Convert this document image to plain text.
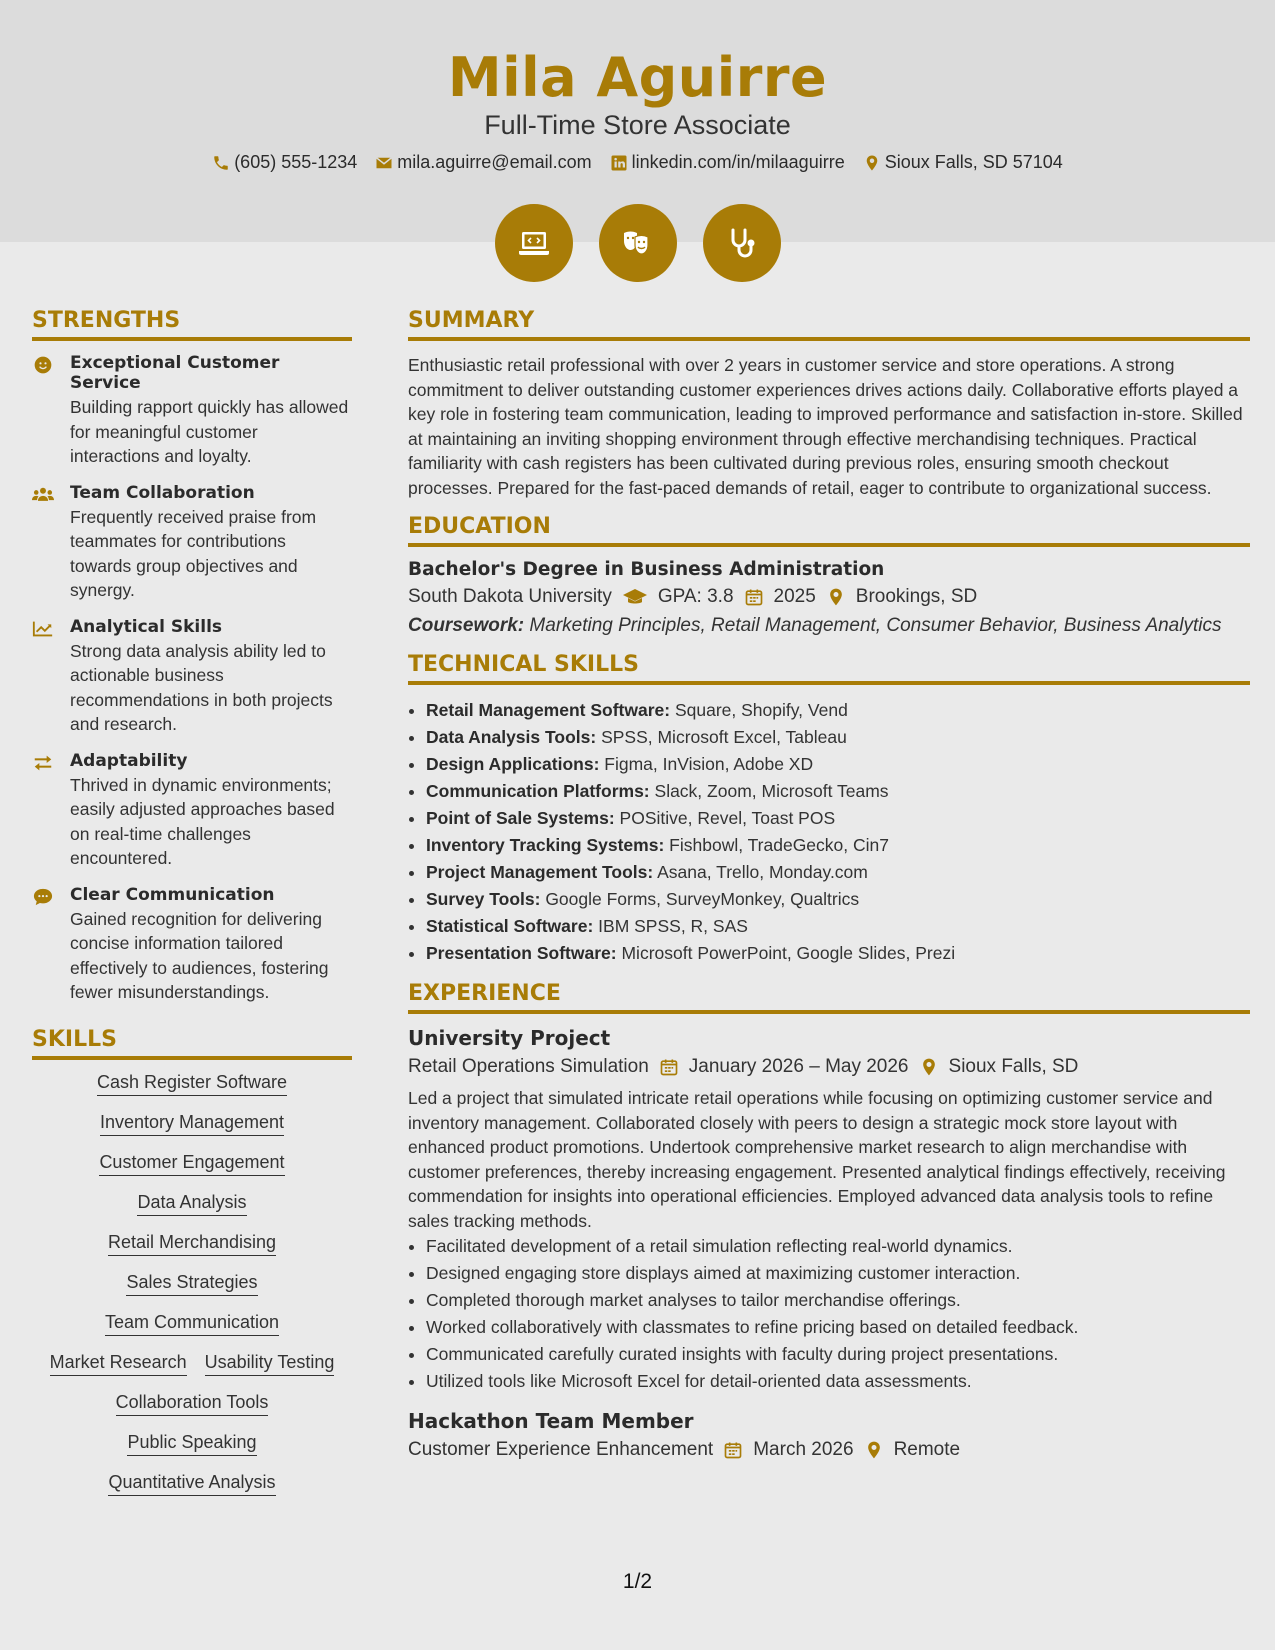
Mila Aguirre
Full-Time Store Associate
(605) 555-1234 mila.aguirre@email.com linkedin.com/in/milaaguirre Sioux Falls, SD 57104
STRENGTHS
Exceptional Customer Service
Building rapport quickly has allowed for meaningful customer interactions and loyalty.
Team Collaboration
Frequently received praise from teammates for contributions towards group objectives and synergy.
Analytical Skills
Strong data analysis ability led to actionable business recommendations in both projects and research.
Adaptability
Thrived in dynamic environments; easily adjusted approaches based on real-time challenges encountered.
Clear Communication
Gained recognition for delivering concise information tailored effectively to audiences, fostering fewer misunderstandings.
SKILLS
Cash Register Software
Inventory Management
Customer Engagement
Data Analysis
Retail Merchandising
Sales Strategies
Team Communication
Market Research Usability Testing
Collaboration Tools
Public Speaking
Quantitative Analysis
SUMMARY
Enthusiastic retail professional with over 2 years in customer service and store operations. A strong commitment to deliver outstanding customer experiences drives actions daily. Collaborative efforts played a key role in fostering team communication, leading to improved performance and satisfaction in-store. Skilled at maintaining an inviting shopping environment through effective merchandising techniques. Practical familiarity with cash registers has been cultivated during previous roles, ensuring smooth checkout processes. Prepared for the fast-paced demands of retail, eager to contribute to organizational success.
EDUCATION
Bachelor's Degree in Business Administration
South Dakota University GPA: 3.8 2025 Brookings, SD
Coursework: Marketing Principles, Retail Management, Consumer Behavior, Business Analytics
TECHNICAL SKILLS
• Retail Management Software: Square, Shopify, Vend
• Data Analysis Tools: SPSS, Microsoft Excel, Tableau
• Design Applications: Figma, InVision, Adobe XD
• Communication Platforms: Slack, Zoom, Microsoft Teams
• Point of Sale Systems: POSitive, Revel, Toast POS
• Inventory Tracking Systems: Fishbowl, TradeGecko, Cin7
• Project Management Tools: Asana, Trello, Monday.com
• Survey Tools: Google Forms, SurveyMonkey, Qualtrics
• Statistical Software: IBM SPSS, R, SAS
• Presentation Software: Microsoft PowerPoint, Google Slides, Prezi
EXPERIENCE
University Project
Retail Operations Simulation January 2026 – May 2026 Sioux Falls, SD
Led a project that simulated intricate retail operations while focusing on optimizing customer service and inventory management. Collaborated closely with peers to design a strategic mock store layout with enhanced product promotions. Undertook comprehensive market research to align merchandise with customer preferences, thereby increasing engagement. Presented analytical findings effectively, receiving commendation for insights into operational efficiencies. Employed advanced data analysis tools to refine sales tracking methods.
• Facilitated development of a retail simulation reflecting real-world dynamics.
• Designed engaging store displays aimed at maximizing customer interaction.
• Completed thorough market analyses to tailor merchandise offerings.
• Worked collaboratively with classmates to refine pricing based on detailed feedback.
• Communicated carefully curated insights with faculty during project presentations.
• Utilized tools like Microsoft Excel for detail-oriented data assessments.
Hackathon Team Member
Customer Experience Enhancement March 2026 Remote
1/2
